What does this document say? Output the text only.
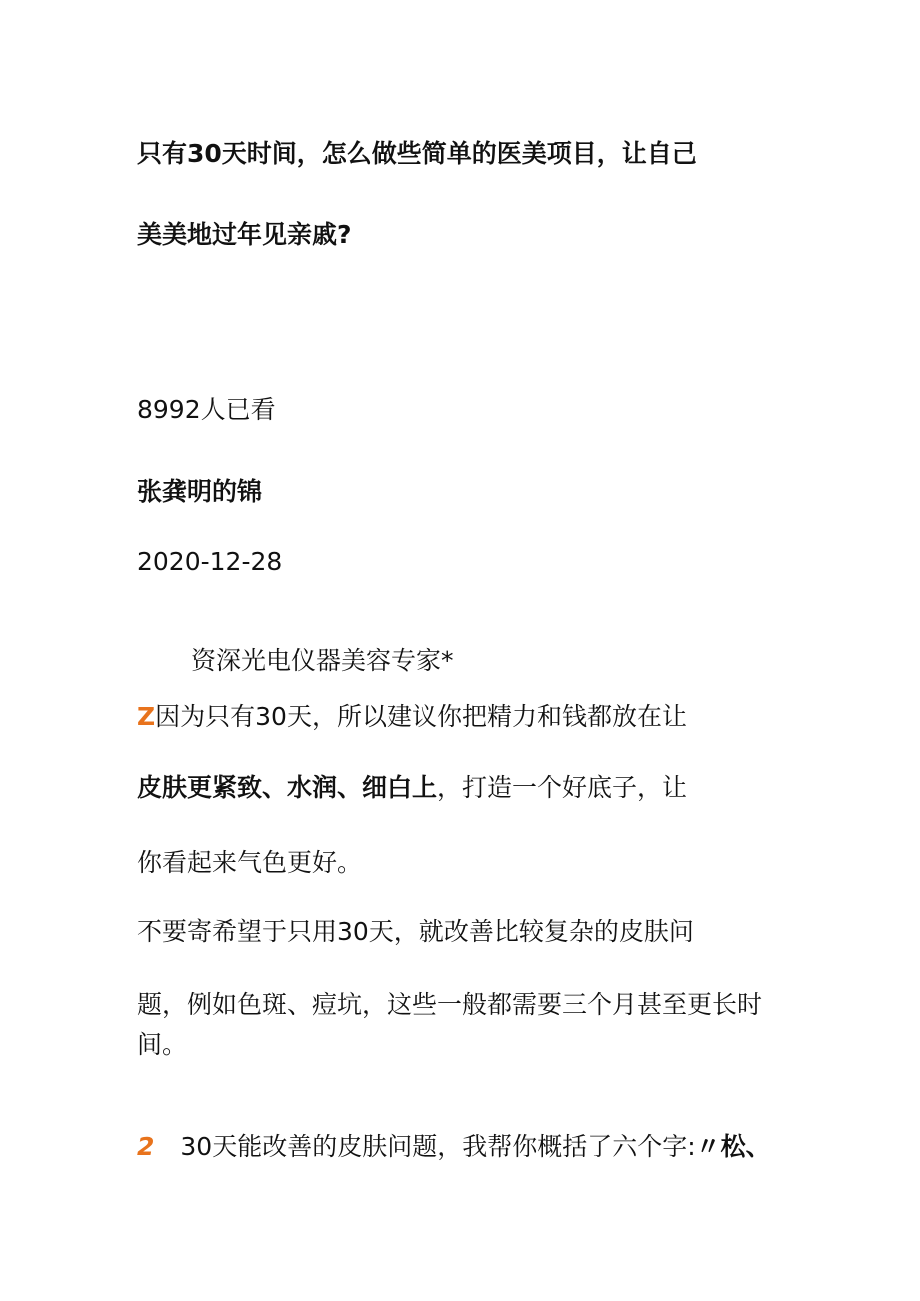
只有30天时间，怎么做些简单的医美项目，让自己
美美地过年见亲戚?
8992人已看
张龚明的锦
2020-12-28
资深光电仪器美容专家*
Z因为只有30天，所以建议你把精力和钱都放在让
皮肤更紧致、水润、细白上，打造一个好底子，让
你看起来气色更好。
不要寄希望于只用30天，就改善比较复杂的皮肤问
题，例如色斑、痘坑，这些一般都需要三个月甚至更长时
间。
2 30天能改善的皮肤问题，我帮你概括了六个字:〃松、
